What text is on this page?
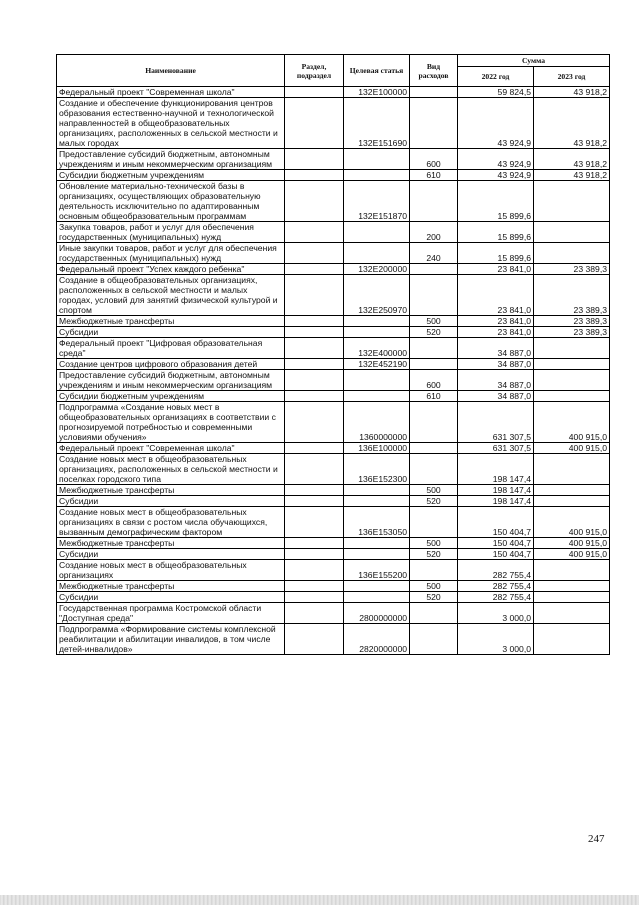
Наименование	Раздел, подраздел	Целевая статья	Вид расходов	Сумма	
				2022 год	2023 год
Федеральный проект "Современная школа"		132E100000		59 824,5	43 918,2
Создание и обеспечение функционирования центров образования естественно-научной и технологической направленностей в общеобразовательных организациях, расположенных в сельской местности и малых городах		132E151690		43 924,9	43 918,2
Предоставление субсидий бюджетным, автономным учреждениям и иным некоммерческим организациям			600	43 924,9	43 918,2
Субсидии бюджетным учреждениям			610	43 924,9	43 918,2
Обновление материально-технической базы в организациях, осуществляющих образовательную деятельность исключительно по адаптированным основным общеобразовательным программам		132E151870		15 899,6	
Закупка товаров, работ и услуг для обеспечения государственных (муниципальных) нужд			200	15 899,6	
Иные закупки товаров, работ и услуг для обеспечения государственных (муниципальных) нужд			240	15 899,6	
Федеральный проект "Успех каждого ребенка"		132E200000		23 841,0	23 389,3
Создание в общеобразовательных организациях, расположенных в сельской местности и малых городах, условий для занятий физической культурой и спортом		132E250970		23 841,0	23 389,3
Межбюджетные трансферты			500	23 841,0	23 389,3
Субсидии			520	23 841,0	23 389,3
Федеральный проект "Цифровая образовательная среда"		132E400000		34 887,0	
Создание центров цифрового образования детей		132E452190		34 887,0	
Предоставление субсидий бюджетным, автономным учреждениям и иным некоммерческим организациям			600	34 887,0	
Субсидии бюджетным учреждениям			610	34 887,0	
Подпрограмма «Создание новых мест в общеобразовательных организациях в соответствии с прогнозируемой потребностью и современными условиями обучения»		1360000000		631 307,5	400 915,0
Федеральный проект "Современная школа"		136E100000		631 307,5	400 915,0
Создание новых мест в общеобразовательных организациях, расположенных в сельской местности и поселках городского типа		136E152300		198 147,4	
Межбюджетные трансферты			500	198 147,4	
Субсидии			520	198 147,4	
Создание новых мест в общеобразовательных организациях в связи с ростом числа обучающихся, вызванным демографическим фактором		136E153050		150 404,7	400 915,0
Межбюджетные трансферты			500	150 404,7	400 915,0
Субсидии			520	150 404,7	400 915,0
Создание новых мест в общеобразовательных организациях		136E155200		282 755,4	
Межбюджетные трансферты			500	282 755,4	
Субсидии			520	282 755,4	
Государственная программа Костромской области "Доступная среда"		2800000000		3 000,0	
Подпрограмма «Формирование системы комплексной реабилитации и абилитации инвалидов, в том числе детей-инвалидов»		2820000000		3 000,0	
247
